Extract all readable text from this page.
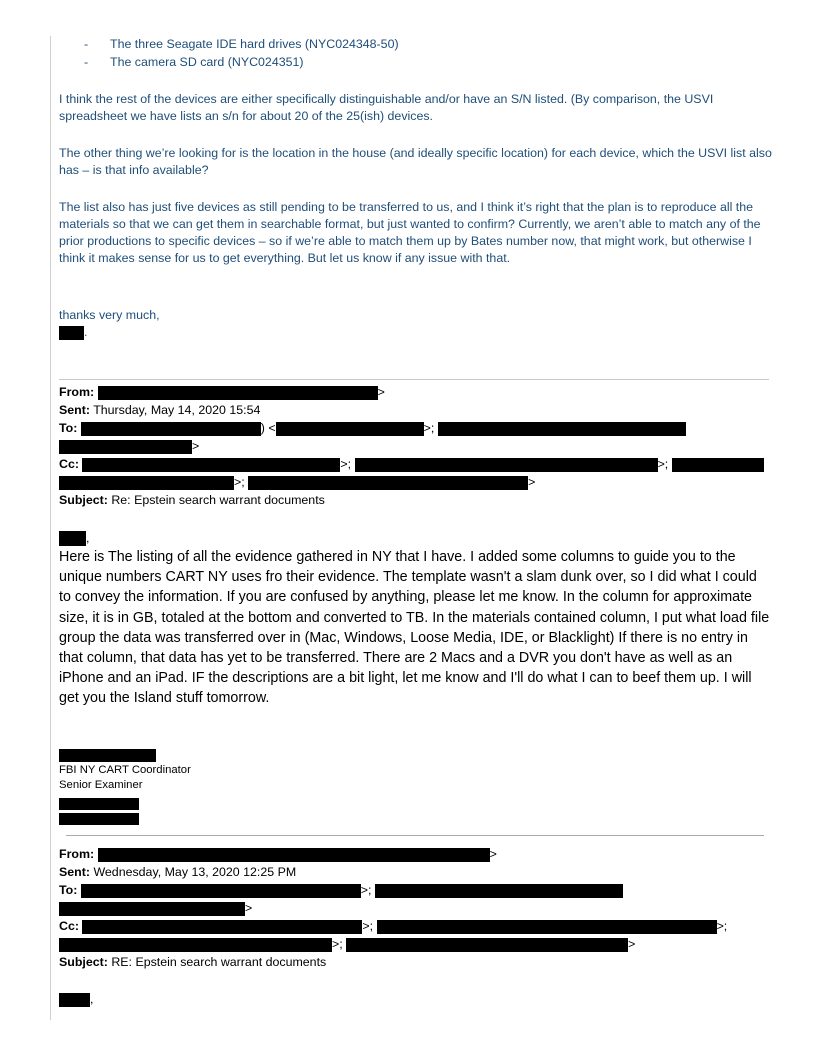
- The three Seagate IDE hard drives (NYC024348-50)
- The camera SD card (NYC024351)

I think the rest of the devices are either specifically distinguishable and/or have an S/N listed. (By comparison, the USVI spreadsheet we have lists an s/n for about 20 of the 25(ish) devices.

The other thing we’re looking for is the location in the house (and ideally specific location) for each device, which the USVI list also has – is that info available?

The list also has just five devices as still pending to be transferred to us, and I think it’s right that the plan is to reproduce all the materials so that we can get them in searchable format, but just wanted to confirm? Currently, we aren’t able to match any of the prior productions to specific devices – so if we’re able to match them up by Bates number now, that might work, but otherwise I think it makes sense for us to get everything. But let us know if any issue with that.

thanks very much,
.
From:	>
Sent: Thursday, May 14, 2020 15:54
To:	) <	>;
>
Cc:	>;	>;
>;	>
Subject: Re: Epstein search warrant documents
,

Here is The listing of all the evidence gathered in NY that I have. I added some columns to guide you to the unique numbers CART NY uses fro their evidence. The template wasn't a slam dunk over, so I did what I could to convey the information. If you are confused by anything, please let me know. In the column for approximate size, it is in GB, totaled at the bottom and converted to TB. In the materials contained column, I put what load file group the data was transferred over in (Mac, Windows, Loose Media, IDE, or Blacklight) If there is no entry in that column, that data has yet to be transferred. There are 2 Macs and a DVR you don't have as well as an iPhone and an iPad. IF the descriptions are a bit light, let me know and I'll do what I can to beef them up. I will get you the Island stuff tomorrow.

FBI NY CART Coordinator
Senior Examiner
From:	>
Sent: Wednesday, May 13, 2020 12:25 PM
To:	>;
>
Cc:	>;	>;
>;	>
Subject: RE: Epstein search warrant documents
,
